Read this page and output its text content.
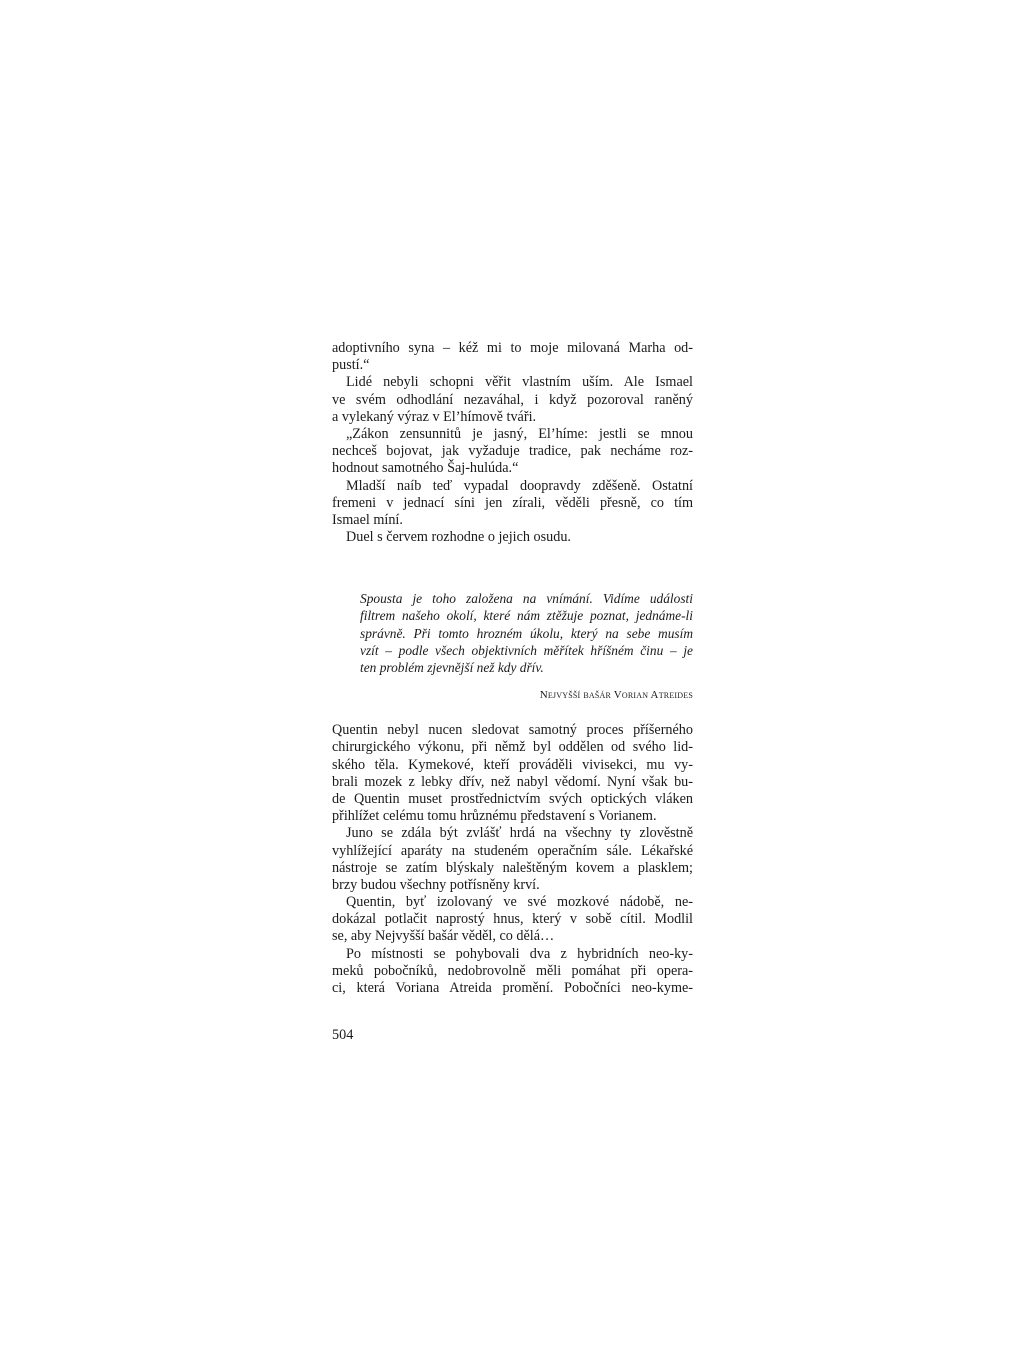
adoptivního syna – kéž mi to moje milovaná Marha od-
pustí.“
Lidé nebyli schopni věřit vlastním uším. Ale Ismael
ve svém odhodlání nezaváhal, i když pozoroval raněný
a vylekaný výraz v El’hímově tváři.
„Zákon zensunnitů je jasný, El’híme: jestli se mnou
nechceš bojovat, jak vyžaduje tradice, pak necháme roz-
hodnout samotného Šaj-hulúda.“
Mladší naíb teď vypadal doopravdy zděšeně. Ostatní
fremeni v jednací síni jen zírali, věděli přesně, co tím
Ismael míní.
Duel s červem rozhodne o jejich osudu.
Spousta je toho založena na vnímání. Vidíme události
filtrem našeho okolí, které nám ztěžuje poznat, jednáme-li
správně. Při tomto hrozném úkolu, který na sebe musím
vzít – podle všech objektivních měřítek hříšném činu – je
ten problém zjevnější než kdy dřív.
Nejvyšší bašár Vorian Atreides
Quentin nebyl nucen sledovat samotný proces příšerného
chirurgického výkonu, při němž byl oddělen od svého lid-
ského těla. Kymekové, kteří prováděli vivisekci, mu vy-
brali mozek z lebky dřív, než nabyl vědomí. Nyní však bu-
de Quentin muset prostřednictvím svých optických vláken
přihlížet celému tomu hrůznému představení s Vorianem.
Juno se zdála být zvlášť hrdá na všechny ty zlověstně
vyhlížející aparáty na studeném operačním sále. Lékařské
nástroje se zatím blýskaly naleštěným kovem a plasklem;
brzy budou všechny potřísněny krví.
Quentin, byť izolovaný ve své mozkové nádobě, ne-
dokázal potlačit naprostý hnus, který v sobě cítil. Modlil
se, aby Nejvyšší bašár věděl, co dělá…
Po místnosti se pohybovali dva z hybridních neo-ky-
meků pobočníků, nedobrovolně měli pomáhat při opera-
ci, která Voriana Atreida promění. Pobočníci neo-kyme-
504
